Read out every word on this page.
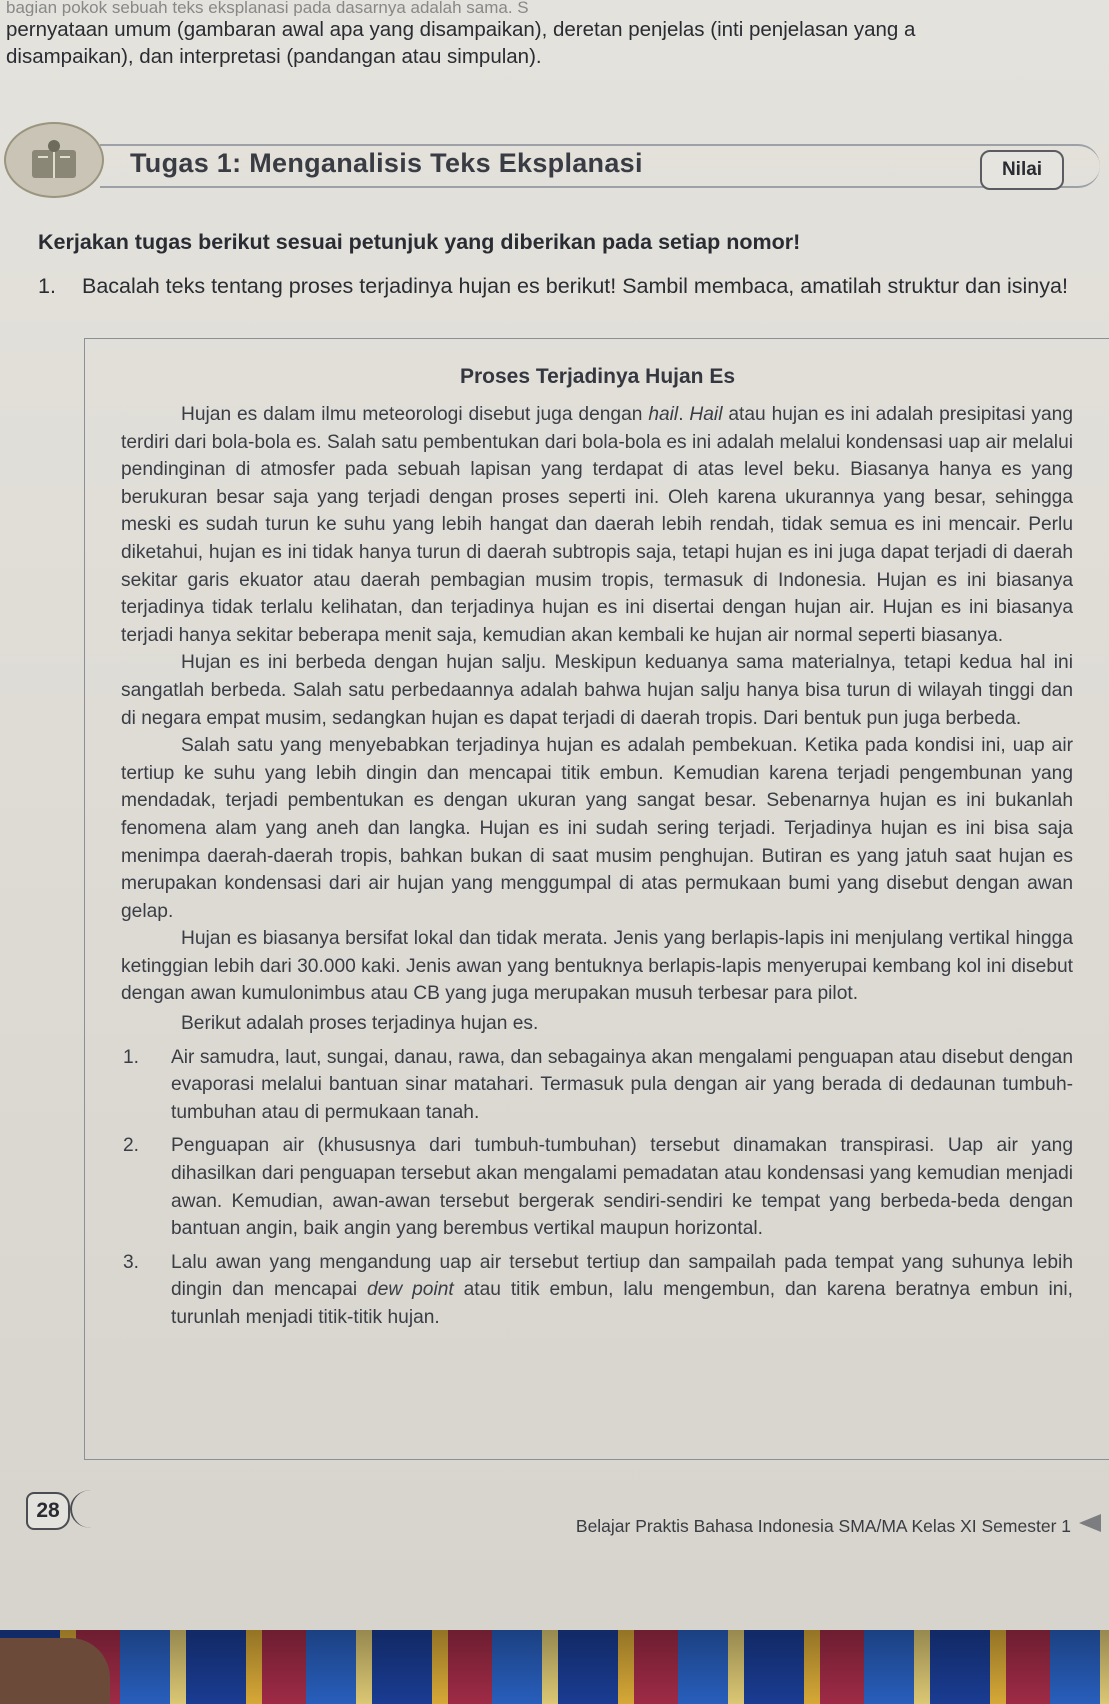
bagian pokok sebuah teks eksplanasi pada dasarnya adalah sama. S

pernyataan umum (gambaran awal apa yang disampaikan), deretan penjelas (inti penjelasan yang a

disampaikan), dan interpretasi (pandangan atau simpulan).

Tugas 1: Menganalisis Teks Eksplanasi	Nilai
Kerjakan tugas berikut sesuai petunjuk yang diberikan pada setiap nomor!
1. Bacalah teks tentang proses terjadinya hujan es berikut! Sambil membaca, amatilah struktur dan isinya!
Proses Terjadinya Hujan Es

Hujan es dalam ilmu meteorologi disebut juga dengan hail. Hail atau hujan es ini adalah presipitasi yang terdiri dari bola-bola es. Salah satu pembentukan dari bola-bola es ini adalah melalui kondensasi uap air melalui pendinginan di atmosfer pada sebuah lapisan yang terdapat di atas level beku. Biasanya hanya es yang berukuran besar saja yang terjadi dengan proses seperti ini. Oleh karena ukurannya yang besar, sehingga meski es sudah turun ke suhu yang lebih hangat dan daerah lebih rendah, tidak semua es ini mencair. Perlu diketahui, hujan es ini tidak hanya turun di daerah subtropis saja, tetapi hujan es ini juga dapat terjadi di daerah sekitar garis ekuator atau daerah pembagian musim tropis, termasuk di Indonesia. Hujan es ini biasanya terjadinya tidak terlalu kelihatan, dan terjadinya hujan es ini disertai dengan hujan air. Hujan es ini biasanya terjadi hanya sekitar beberapa menit saja, kemudian akan kembali ke hujan air normal seperti biasanya.

Hujan es ini berbeda dengan hujan salju. Meskipun keduanya sama materialnya, tetapi kedua hal ini sangatlah berbeda. Salah satu perbedaannya adalah bahwa hujan salju hanya bisa turun di wilayah tinggi dan di negara empat musim, sedangkan hujan es dapat terjadi di daerah tropis. Dari bentuk pun juga berbeda.

Salah satu yang menyebabkan terjadinya hujan es adalah pembekuan. Ketika pada kondisi ini, uap air tertiup ke suhu yang lebih dingin dan mencapai titik embun. Kemudian karena terjadi pengembunan yang mendadak, terjadi pembentukan es dengan ukuran yang sangat besar. Sebenarnya hujan es ini bukanlah fenomena alam yang aneh dan langka. Hujan es ini sudah sering terjadi. Terjadinya hujan es ini bisa saja menimpa daerah-daerah tropis, bahkan bukan di saat musim penghujan. Butiran es yang jatuh saat hujan es merupakan kondensasi dari air hujan yang menggumpal di atas permukaan bumi yang disebut dengan awan gelap.

Hujan es biasanya bersifat lokal dan tidak merata. Jenis yang berlapis-lapis ini menjulang vertikal hingga ketinggian lebih dari 30.000 kaki. Jenis awan yang bentuknya berlapis-lapis menyerupai kembang kol ini disebut dengan awan kumulonimbus atau CB yang juga merupakan musuh terbesar para pilot.

Berikut adalah proses terjadinya hujan es.

1. Air samudra, laut, sungai, danau, rawa, dan sebagainya akan mengalami penguapan atau disebut dengan evaporasi melalui bantuan sinar matahari. Termasuk pula dengan air yang berada di dedaunan tumbuh-tumbuhan atau di permukaan tanah.
2. Penguapan air (khususnya dari tumbuh-tumbuhan) tersebut dinamakan transpirasi. Uap air yang dihasilkan dari penguapan tersebut akan mengalami pemadatan atau kondensasi yang kemudian menjadi awan. Kemudian, awan-awan tersebut bergerak sendiri-sendiri ke tempat yang berbeda-beda dengan bantuan angin, baik angin yang berembus vertikal maupun horizontal.
3. Lalu awan yang mengandung uap air tersebut tertiup dan sampailah pada tempat yang suhunya lebih dingin dan mencapai dew point atau titik embun, lalu mengembun, dan karena beratnya embun ini, turunlah menjadi titik-titik hujan.
28
Belajar Praktis Bahasa Indonesia SMA/MA Kelas XI Semester 1
